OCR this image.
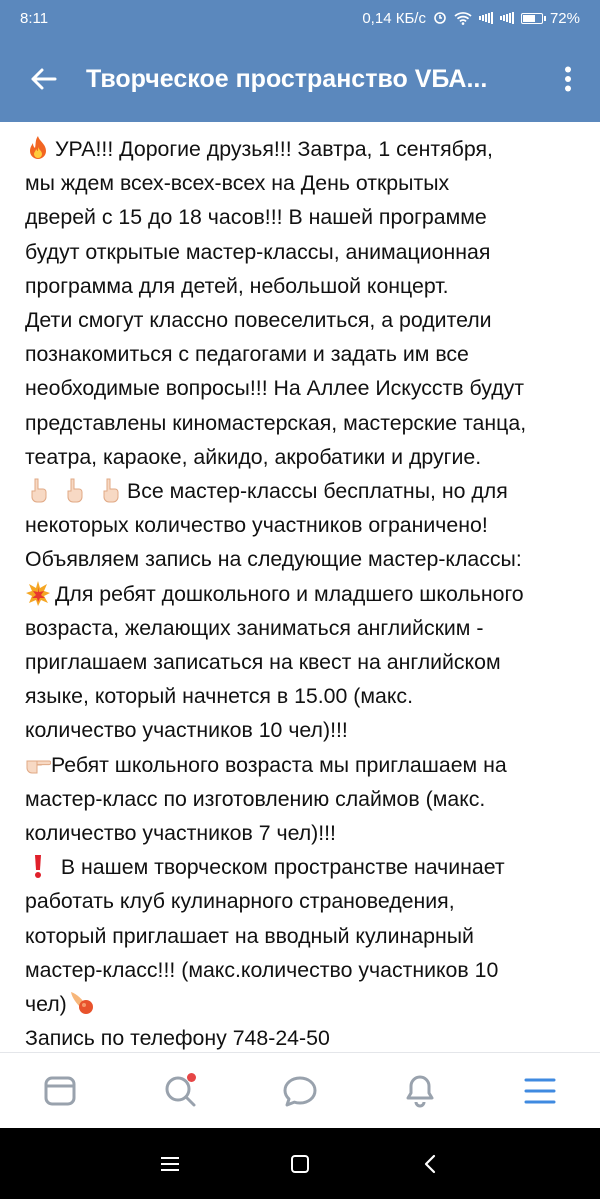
8:11	0,14 КБ/с	72%
Творческое пространство VБА...

УРА!!! Дорогие друзья!!! Завтра, 1 сентября,

мы ждем всех-всех-всех на День открытых

дверей с 15 до 18 часов!!! В нашей программе

будут открытые мастер-классы, анимационная

программа для детей, небольшой концерт.

Дети смогут классно повеселиться, а родители

познакомиться с педагогами и задать им все

необходимые вопросы!!! На Аллее Искусств будут

представлены киномастерская, мастерские танца,

театра, караоке, айкидо, акробатики и другие.

Все мастер-классы бесплатны, но для

некоторых количество участников ограничено!

Объявляем запись на следующие мастер-классы:

Для ребят дошкольного и младшего школьного

возраста, желающих заниматься английским -

приглашаем записаться на квест на английском

языке, который начнется в 15.00 (макс.

количество участников 10 чел)!!!

Ребят школьного возраста мы приглашаем на

мастер-класс по изготовлению слаймов (макс.

количество участников 7 чел)!!!

В нашем творческом пространстве начинает

работать клуб кулинарного страноведения,

который приглашает на вводный кулинарный

мастер-класс!!! (макс.количество участников 10

чел)

Запись по телефону 748-24-50
